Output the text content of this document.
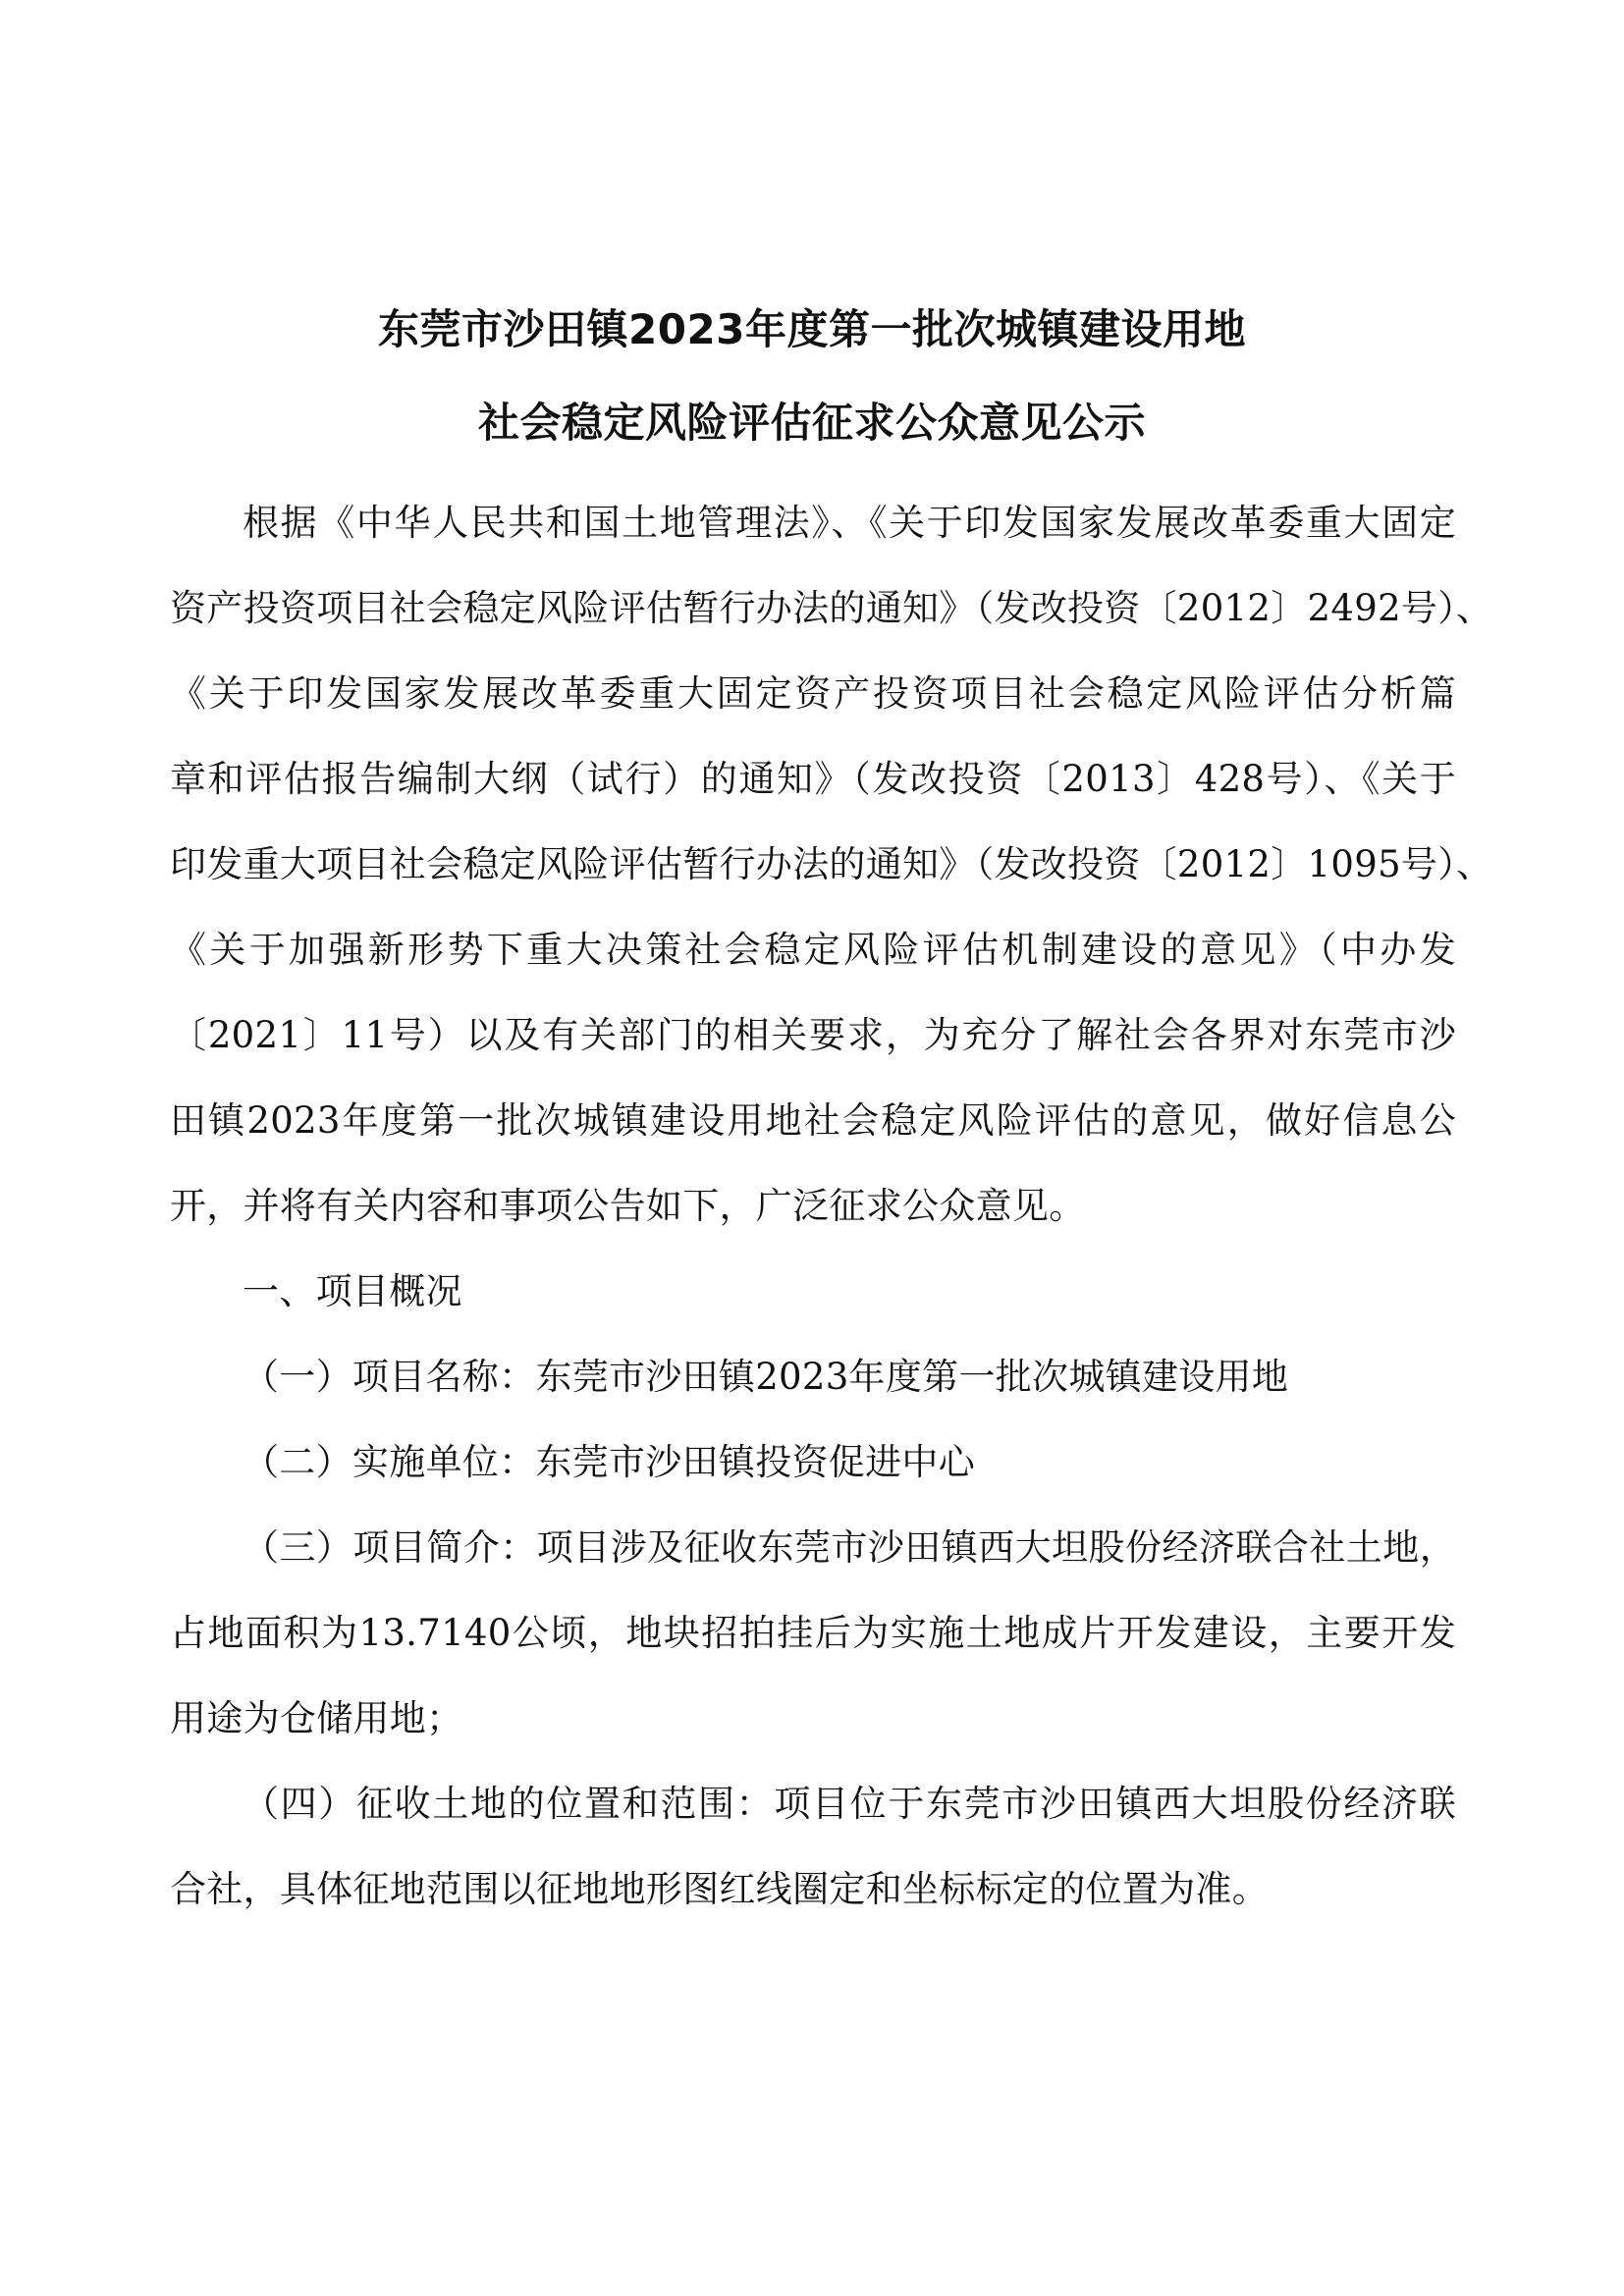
东莞市沙田镇2023年度第一批次城镇建设用地
社会稳定风险评估征求公众意见公示
根据《中华人民共和国土地管理法》、《关于印发国家发展改革委重大固定
资产投资项目社会稳定风险评估暂行办法的通知》（发改投资〔2012〕2492号）、
《关于印发国家发展改革委重大固定资产投资项目社会稳定风险评估分析篇
章和评估报告编制大纲（试行）的通知》（发改投资〔2013〕428号）、《关于
印发重大项目社会稳定风险评估暂行办法的通知》（发改投资〔2012〕1095号）、
《关于加强新形势下重大决策社会稳定风险评估机制建设的意见》（中办发
〔2021〕11号）以及有关部门的相关要求，为充分了解社会各界对东莞市沙
田镇2023年度第一批次城镇建设用地社会稳定风险评估的意见，做好信息公
开，并将有关内容和事项公告如下，广泛征求公众意见。
一、项目概况
（一）项目名称：东莞市沙田镇2023年度第一批次城镇建设用地
（二）实施单位：东莞市沙田镇投资促进中心
（三）项目简介：项目涉及征收东莞市沙田镇西大坦股份经济联合社土地，
占地面积为13.7140公顷，地块招拍挂后为实施土地成片开发建设，主要开发
用途为仓储用地；
（四）征收土地的位置和范围：项目位于东莞市沙田镇西大坦股份经济联
合社，具体征地范围以征地地形图红线圈定和坐标标定的位置为准。
